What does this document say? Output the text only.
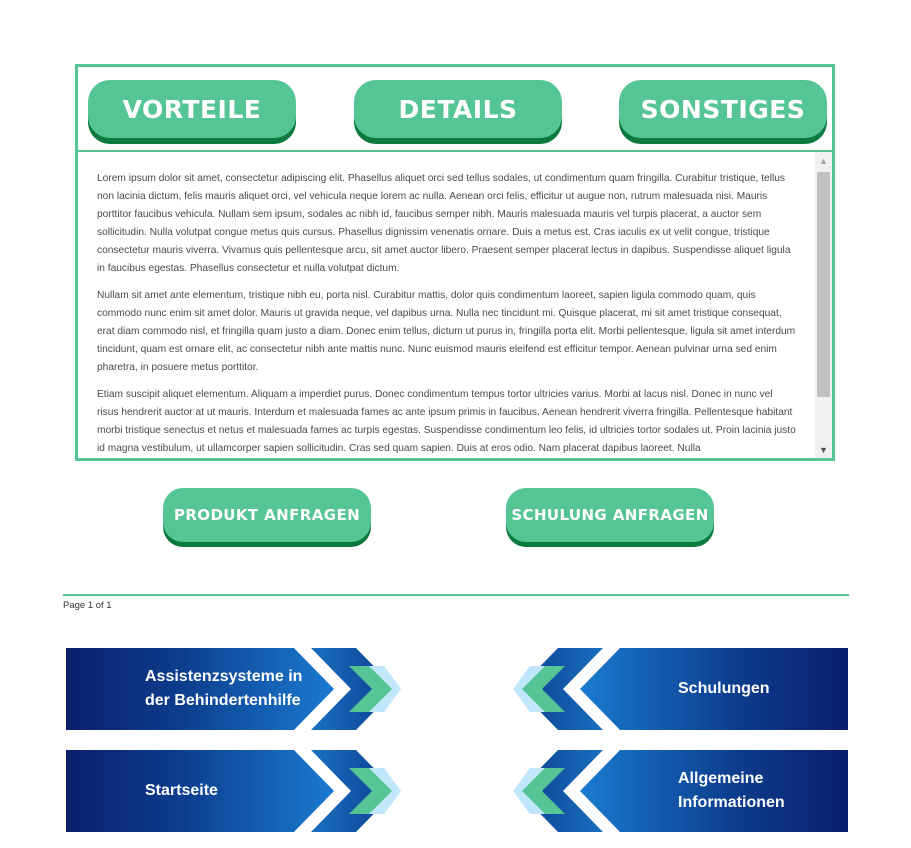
VORTEILE	DETAILS	SONSTIGES

Lorem ipsum dolor sit amet, consectetur adipiscing elit. Phasellus aliquet orci sed tellus sodales, ut condimentum quam fringilla. Curabitur tristique, tellus non lacinia dictum, felis mauris aliquet orci, vel vehicula neque lorem ac nulla. Aenean orci felis, efficitur ut augue non, rutrum malesuada nisi. Mauris porttitor faucibus vehicula. Nullam sem ipsum, sodales ac nibh id, faucibus semper nibh. Mauris malesuada mauris vel turpis placerat, a auctor sem sollicitudin. Nulla volutpat congue metus quis cursus. Phasellus dignissim venenatis ornare. Duis a metus est. Cras iaculis ex ut velit congue, tristique consectetur mauris viverra. Vivamus quis pellentesque arcu, sit amet auctor libero. Praesent semper placerat lectus in dapibus. Suspendisse aliquet ligula in faucibus egestas. Phasellus consectetur et nulla volutpat dictum.

Nullam sit amet ante elementum, tristique nibh eu, porta nisl. Curabitur mattis, dolor quis condimentum laoreet, sapien ligula commodo quam, quis commodo nunc enim sit amet dolor. Mauris ut gravida neque, vel dapibus urna. Nulla nec tincidunt mi. Quisque placerat, mi sit amet tristique consequat, erat diam commodo nisl, et fringilla quam justo a diam. Donec enim tellus, dictum ut purus in, fringilla porta elit. Morbi pellentesque, ligula sit amet interdum tincidunt, quam est ornare elit, ac consectetur nibh ante mattis nunc. Nunc euismod mauris eleifend est efficitur tempor. Aenean pulvinar urna sed enim pharetra, in posuere metus porttitor.

Etiam suscipit aliquet elementum. Aliquam a imperdiet purus. Donec condimentum tempus tortor ultricies varius. Morbi at lacus nisl. Donec in nunc vel risus hendrerit auctor at ut mauris. Interdum et malesuada fames ac ante ipsum primis in faucibus. Aenean hendrerit viverra fringilla. Pellentesque habitant morbi tristique senectus et netus et malesuada fames ac turpis egestas. Suspendisse condimentum leo felis, id ultricies tortor sodales ut. Proin lacinia justo id magna vestibulum, ut ullamcorper sapien sollicitudin. Cras sed quam sapien. Duis at eros odio. Nam placerat dapibus laoreet. Nulla

▲
▼
PRODUKT ANFRAGEN	SCHULUNG ANFRAGEN
Page 1 of 1
Assistenzsysteme in
der Behindertenhilfe
Schulungen
Startseite
Allgemeine
Informationen
